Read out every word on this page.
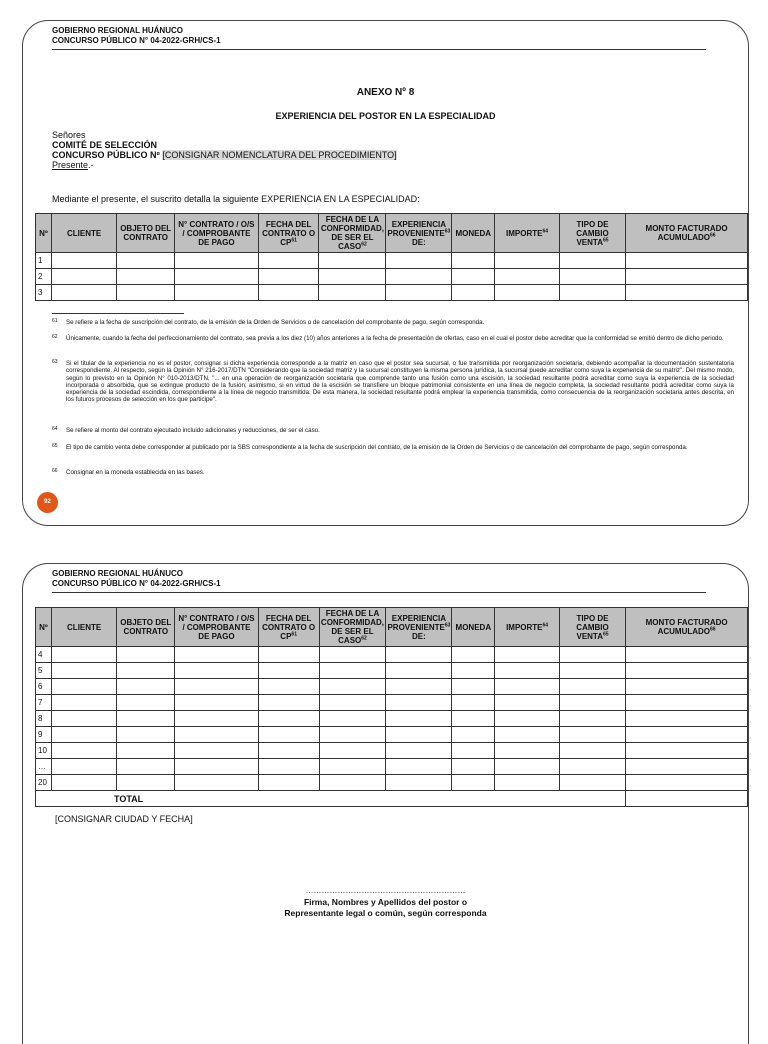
GOBIERNO REGIONAL HUÁNUCO
CONCURSO PÚBLICO N° 04-2022-GRH/CS-1
ANEXO Nº 8
EXPERIENCIA DEL POSTOR EN LA ESPECIALIDAD
Señores
COMITÉ DE SELECCIÓN
CONCURSO PÚBLICO Nº [CONSIGNAR NOMENCLATURA DEL PROCEDIMIENTO]
Presente.-
Mediante el presente, el suscrito detalla la siguiente EXPERIENCIA EN LA ESPECIALIDAD:
Nº	CLIENTE	OBJETO DEL CONTRATO	N° CONTRATO / O/S / COMPROBANTE DE PAGO	FECHA DEL CONTRATO O CP$^{61}$	FECHA DE LA CONFORMIDAD, DE SER EL CASO$^{62}$	EXPERIENCIA PROVENIENTE$^{63}$ DE:	MONEDA	IMPORTE$^{64}$	TIPO DE CAMBIO VENTA$^{65}$	MONTO FACTURADO ACUMULADO$^{66}$
1										
2										
3										
61 Se refiere a la fecha de suscripción del contrato, de la emisión de la Orden de Servicios o de cancelación del comprobante de pago, según corresponda.
62 Únicamente, cuando la fecha del perfeccionamiento del contrato, sea previa a los diez (10) años anteriores a la fecha de presentación de ofertas, caso en el cual el postor debe acreditar que la conformidad se emitió dentro de dicho periodo.
63 Si el titular de la experiencia no es el postor, consignar si dicha experiencia corresponde a la matriz en caso que el postor sea sucursal, o fue transmitida por reorganización societaria, debiendo acompañar la documentación sustentatoria correspondiente. Al respecto, según la Opinión N° 216-2017/DTN "Considerando que la sociedad matriz y la sucursal constituyen la misma persona jurídica, la sucursal puede acreditar como suya la experiencia de su matriz". Del mismo modo, según lo previsto en la Opinión N° 010-2013/DTN, "... en una operación de reorganización societaria que comprende tanto una fusión como una escisión, la sociedad resultante podrá acreditar como suya la experiencia de la sociedad incorporada o absorbida, que se extingue producto de la fusión; asimismo, si en virtud de la escisión se transfiere un bloque patrimonial consistente en una línea de negocio completa, la sociedad resultante podrá acreditar como suya la experiencia de la sociedad escindida, correspondiente a la línea de negocio transmitida. De esta manera, la sociedad resultante podrá emplear la experiencia transmitida, como consecuencia de la reorganización societaria antes descrita, en los futuros procesos de selección en los que participe".
64 Se refiere al monto del contrato ejecutado incluido adicionales y reducciones, de ser el caso.
65 El tipo de cambio venta debe corresponder al publicado por la SBS correspondiente a la fecha de suscripción del contrato, de la emisión de la Orden de Servicios o de cancelación del comprobante de pago, según corresponda.
66 Consignar en la moneda establecida en las bases.
92
GOBIERNO REGIONAL HUÁNUCO
CONCURSO PÚBLICO N° 04-2022-GRH/CS-1
Nº	CLIENTE	OBJETO DEL CONTRATO	N° CONTRATO / O/S / COMPROBANTE DE PAGO	FECHA DEL CONTRATO O CP$^{61}$	FECHA DE LA CONFORMIDAD, DE SER EL CASO$^{62}$	EXPERIENCIA PROVENIENTE$^{63}$ DE:	MONEDA	IMPORTE$^{64}$	TIPO DE CAMBIO VENTA$^{65}$	MONTO FACTURADO ACUMULADO$^{66}$
4										
5										
6										
7										
8										
9										
10										
…										
20										
TOTAL										
[CONSIGNAR CIUDAD Y FECHA]
……………………………………………………
Firma, Nombres y Apellidos del postor o
Representante legal o común, según corresponda
